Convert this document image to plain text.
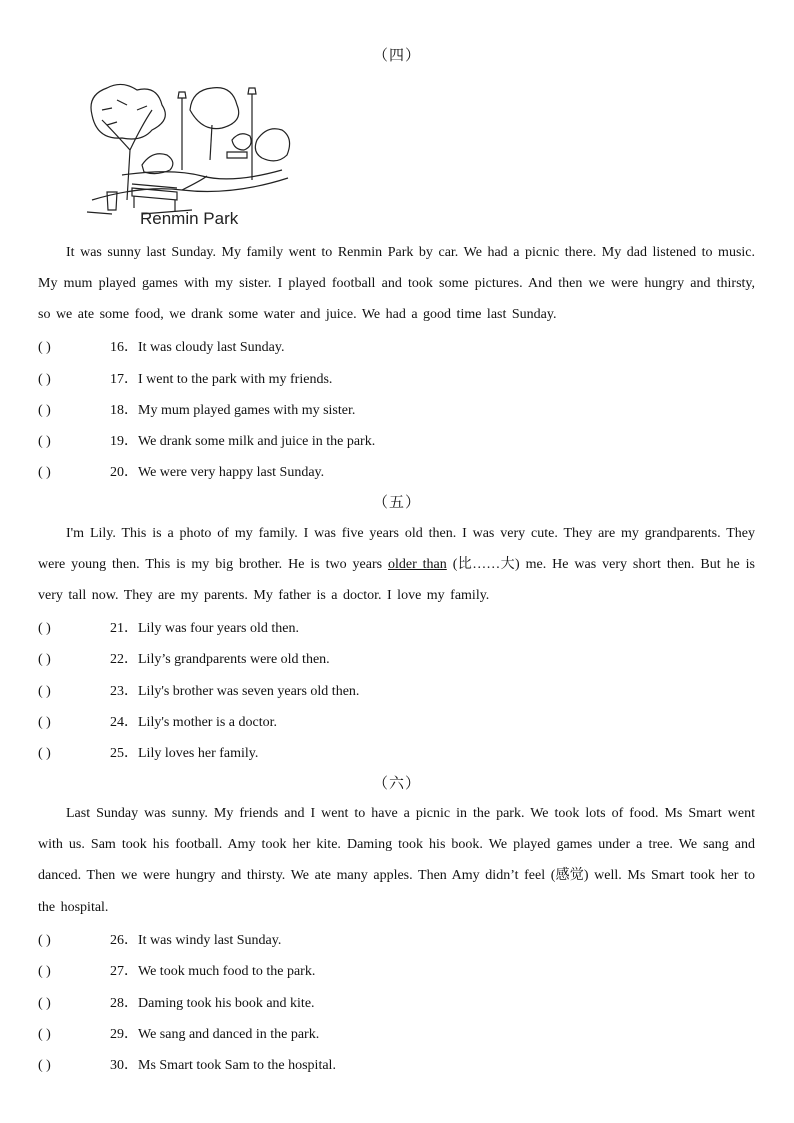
（四）
Renmin Park
It was sunny last Sunday. My family went to Renmin Park by car. We had a picnic there. My dad listened to music. My mum played games with my sister. I played football and took some pictures. And then we were hungry and thirsty, so we ate some food, we drank some water and juice. We had a good time last Sunday.
( )	16．It was cloudy last Sunday.
( )	17．I went to the park with my friends.
( )	18．My mum played games with my sister.
( )	19．We drank some milk and juice in the park.
( )	20．We were very happy last Sunday.
（五）
I'm Lily. This is a photo of my family. I was five years old then. I was very cute. They are my grandparents. They were young then. This is my big brother. He is two years older than (比……大) me. He was very short then. But he is very tall now. They are my parents. My father is a doctor. I love my family.
( )	21．Lily was four years old then.
( )	22．Lily’s grandparents were old then.
( )	23．Lily's brother was seven years old then.
( )	24．Lily's mother is a doctor.
( )	25．Lily loves her family.
（六）
Last Sunday was sunny. My friends and I went to have a picnic in the park. We took lots of food. Ms Smart went with us. Sam took his football. Amy took her kite. Daming took his book. We played games under a tree. We sang and danced. Then we were hungry and thirsty. We ate many apples. Then Amy didn’t feel (感觉) well. Ms Smart took her to the hospital.
( )	26．It was windy last Sunday.
( )	27．We took much food to the park.
( )	28．Daming took his book and kite.
( )	29．We sang and danced in the park.
( )	30．Ms Smart took Sam to the hospital.
